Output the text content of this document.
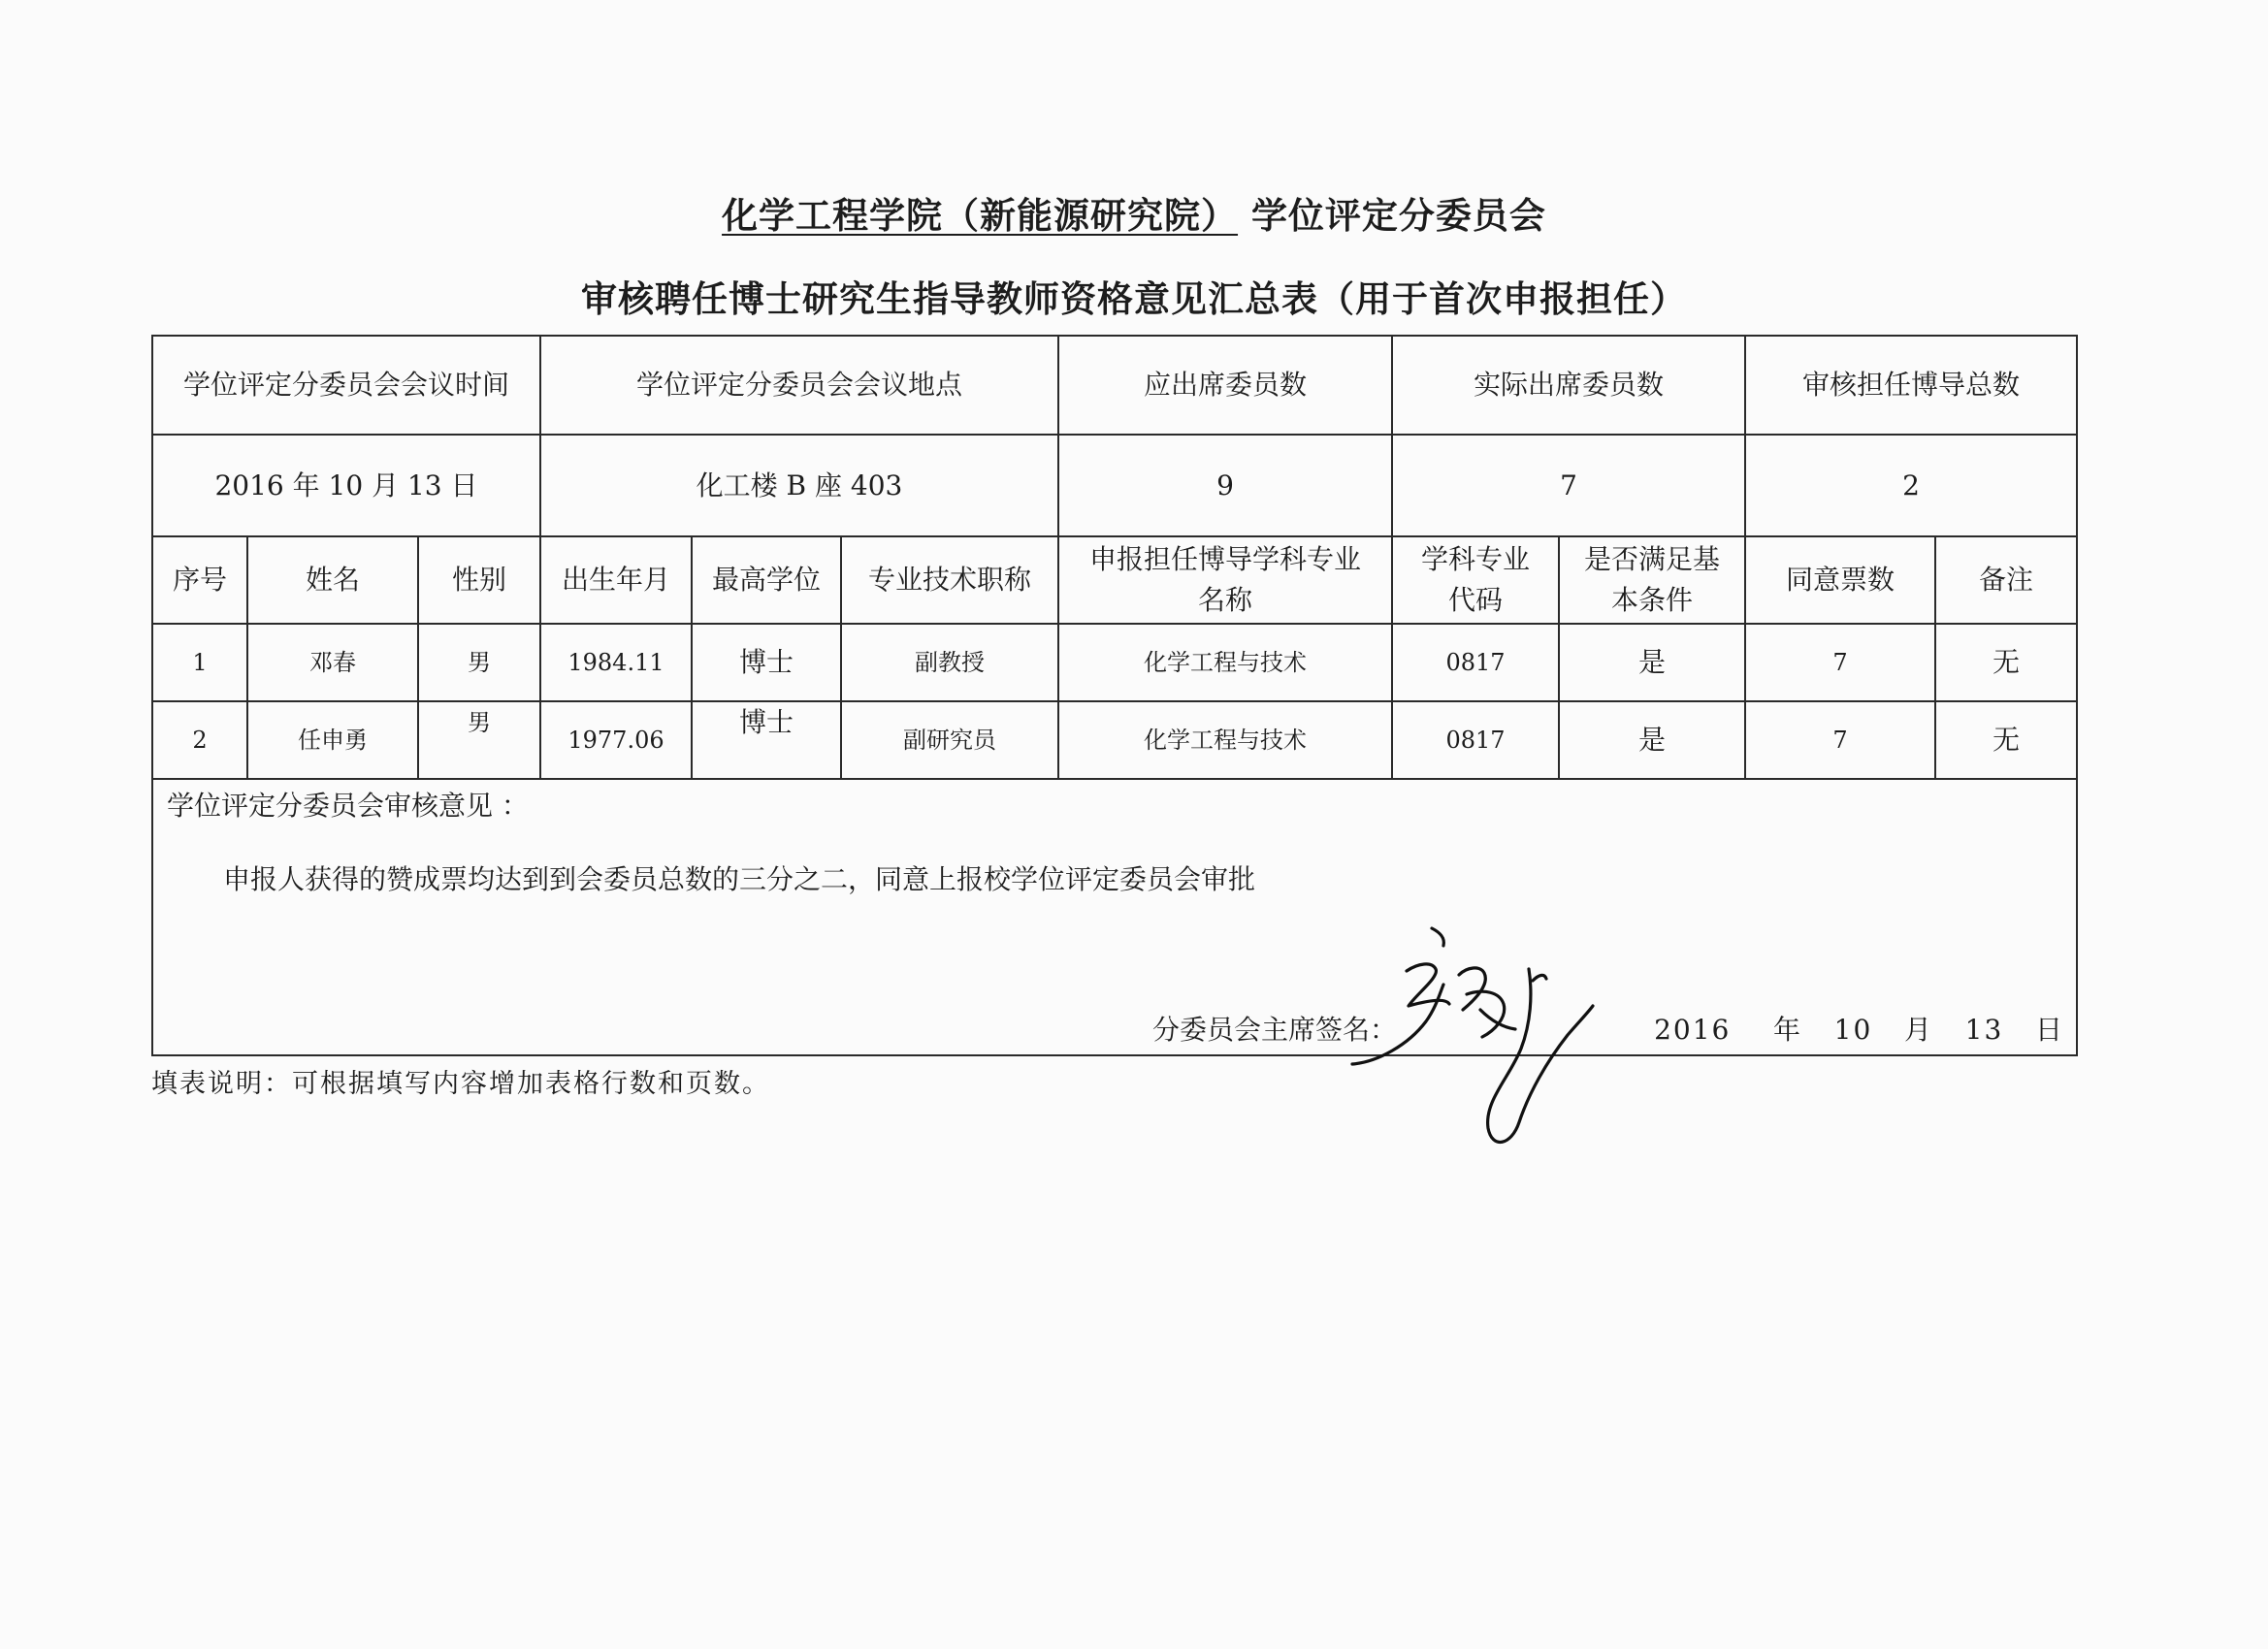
化学工程学院（新能源研究院） 学位评定分委员会
审核聘任博士研究生指导教师资格意见汇总表（用于首次申报担任）
学位评定分委员会会议时间			学位评定分委员会会议地点			应出席委员数	实际出席委员数		审核担任博导总数	
2016 年 10 月 13 日			化工楼 B 座 403			9	7		2	
序号	姓名	性别	出生年月	最高学位	专业技术职称	申报担任博导学科专业名称	学科专业代码	是否满足基本条件	同意票数	备注
1	邓春	男	1984.11	博士	副教授	化学工程与技术	0817	是	7	无
2	任申勇	男	1977.06	博士	副研究员	化学工程与技术	0817	是	7	无

学位评定分委员会审核意见 ：
申报人获得的赞成票均达到到会委员总数的三分之二，同意上报校学位评定委员会审批
分委员会主席签名： 2016    年   10   月   13   日										
填表说明：可根据填写内容增加表格行数和页数。
